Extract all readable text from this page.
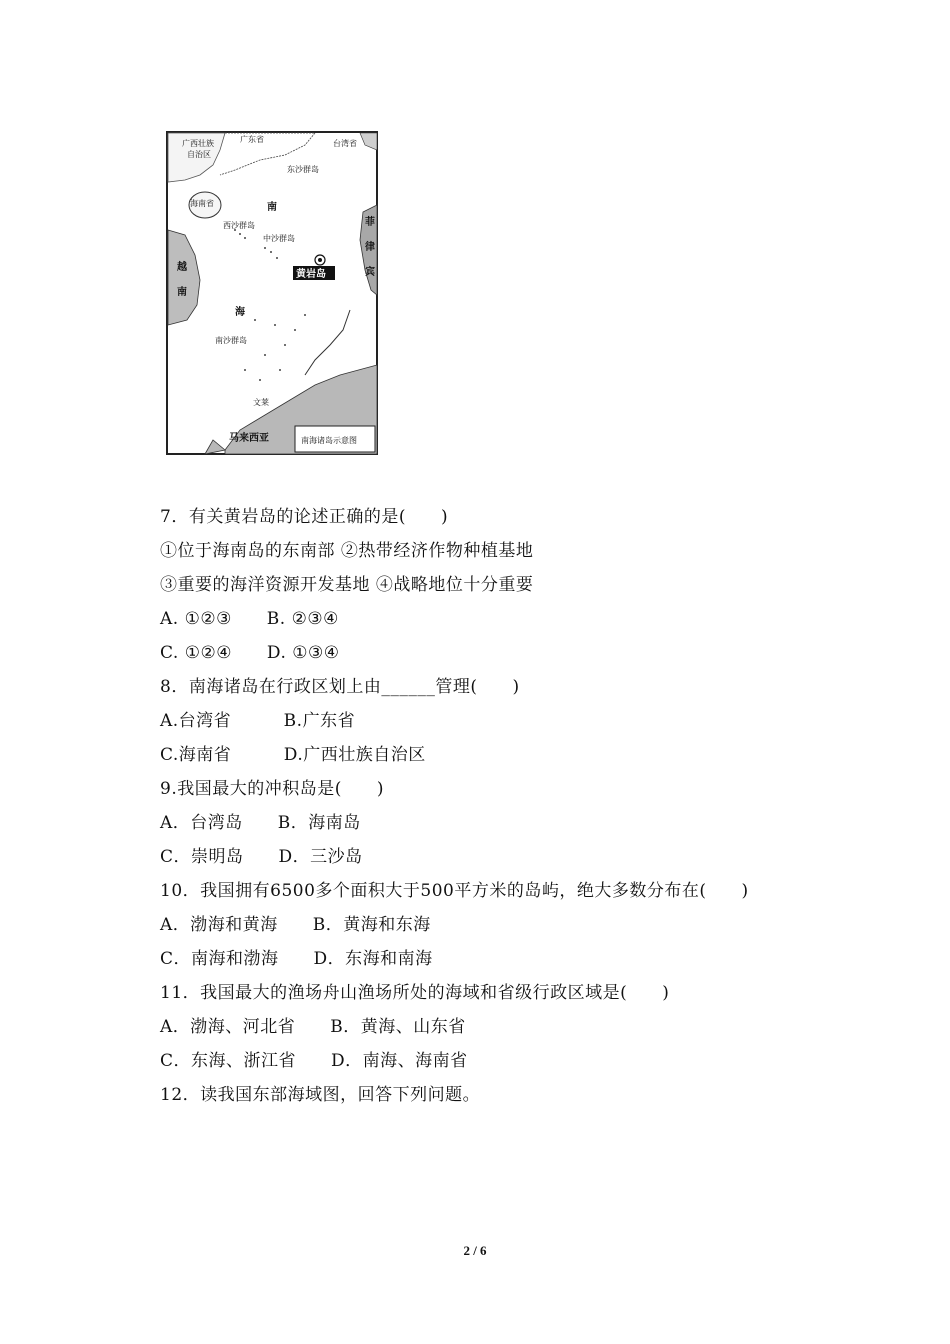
广西壮族
自治区
广东省	台湾省
东沙群岛
海南省	南
西沙群岛
中沙群岛
黄岩岛
越
南
海
南沙群岛
菲
律
宾
文莱
马来西亚	南海诸岛示意图
7．有关黄岩岛的论述正确的是(　　)
①位于海南岛的东南部 ②热带经济作物种植基地
③重要的海洋资源开发基地 ④战略地位十分重要
A. ①②③　　B. ②③④
C. ①②④　　D. ①③④
8．南海诸岛在行政区划上由______管理(　　)
A.台湾省　　　B.广东省
C.海南省　　　D.广西壮族自治区
9.我国最大的冲积岛是(　　)
A．台湾岛　　B．海南岛
C．崇明岛　　D．三沙岛
10．我国拥有6500多个面积大于500平方米的岛屿，绝大多数分布在(　　)
A．渤海和黄海　　B．黄海和东海
C．南海和渤海　　D．东海和南海
11．我国最大的渔场舟山渔场所处的海域和省级行政区域是(　　)
A．渤海、河北省　　B．黄海、山东省
C．东海、浙江省　　D．南海、海南省
12．读我国东部海域图，回答下列问题。
2 / 6
